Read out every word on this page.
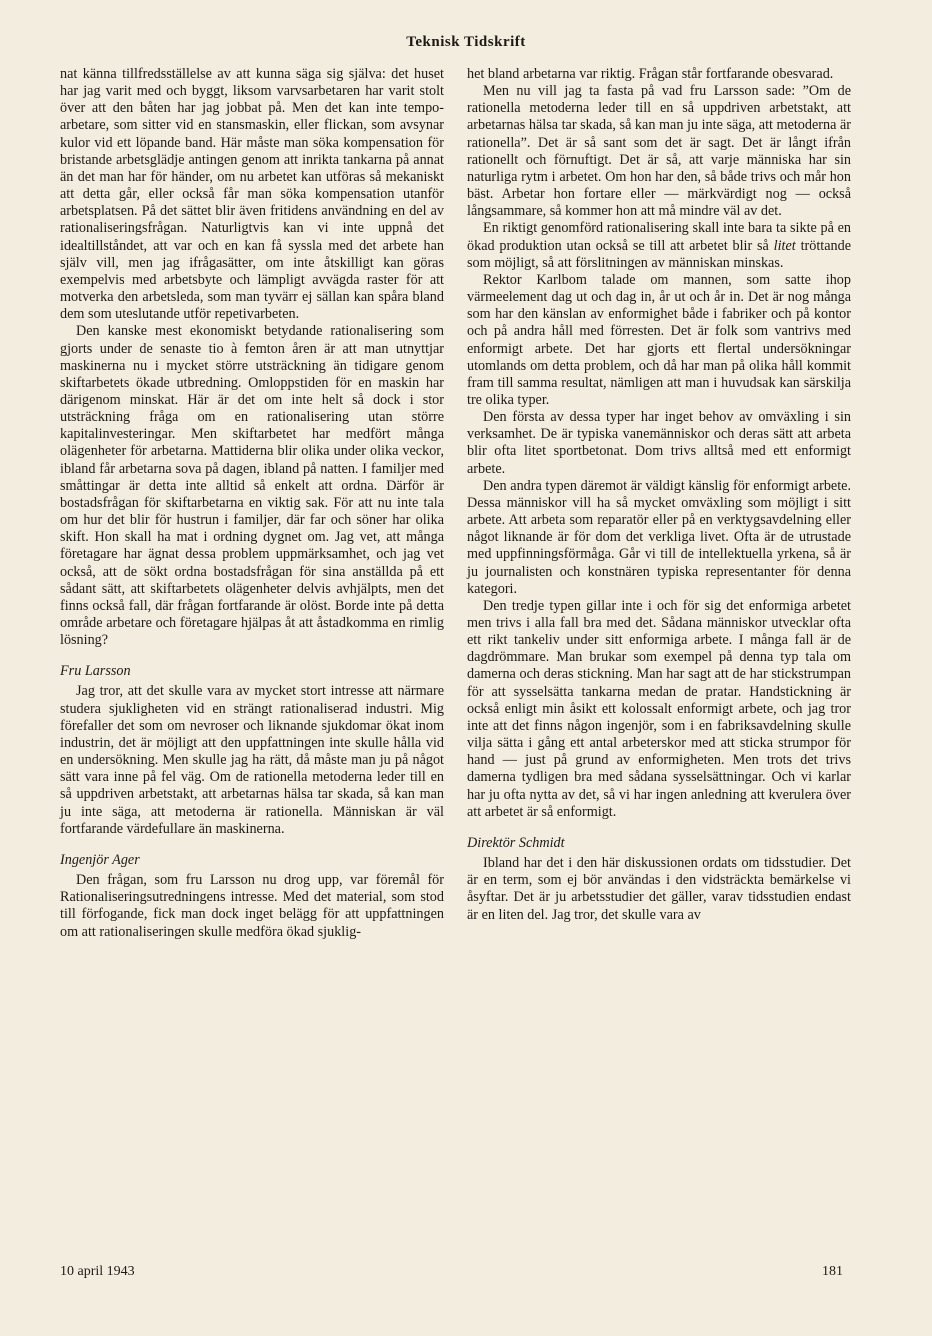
Teknisk Tidskrift

nat känna tillfredsställelse av att kunna säga sig själva: det huset har jag varit med och byggt, liksom varvsarbetaren har varit stolt över att den båten har jag jobbat på. Men det kan inte tempo-arbetare, som sitter vid en stansmaskin, eller flickan, som avsynar kulor vid ett löpande band. Här måste man söka kompensation för bristande arbetsglädje antingen genom att inrikta tankarna på annat än det man har för händer, om nu arbetet kan utföras så mekaniskt att detta går, eller också får man söka kompensation utanför arbetsplatsen. På det sättet blir även fritidens användning en del av rationaliseringsfrågan. Naturligtvis kan vi inte uppnå det idealtillståndet, att var och en kan få syssla med det arbete han själv vill, men jag ifrågasätter, om inte åtskilligt kan göras exempelvis med arbetsbyte och lämpligt avvägda raster för att motverka den arbetsleda, som man tyvärr ej sällan kan spåra bland dem som uteslutande utför repetivarbeten.

Den kanske mest ekonomiskt betydande rationalisering som gjorts under de senaste tio à femton åren är att man utnyttjar maskinerna nu i mycket större utsträckning än tidigare genom skiftarbetets ökade utbredning. Omloppstiden för en maskin har därigenom minskat. Här är det om inte helt så dock i stor utsträckning fråga om en rationalisering utan större kapitalinvesteringar. Men skiftarbetet har medfört många olägenheter för arbetarna. Mattiderna blir olika under olika veckor, ibland får arbetarna sova på dagen, ibland på natten. I familjer med småttingar är detta inte alltid så enkelt att ordna. Därför är bostadsfrågan för skiftarbetarna en viktig sak. För att nu inte tala om hur det blir för hustrun i familjer, där far och söner har olika skift. Hon skall ha mat i ordning dygnet om. Jag vet, att många företagare har ägnat dessa problem uppmärksamhet, och jag vet också, att de sökt ordna bostadsfrågan för sina anställda på ett sådant sätt, att skiftarbetets olägenheter delvis avhjälpts, men det finns också fall, där frågan fortfarande är olöst. Borde inte på detta område arbetare och företagare hjälpas åt att åstadkomma en rimlig lösning?

Fru Larsson

Jag tror, att det skulle vara av mycket stort intresse att närmare studera sjukligheten vid en strängt rationaliserad industri. Mig förefaller det som om nevroser och liknande sjukdomar ökat inom industrin, det är möjligt att den uppfattningen inte skulle hålla vid en undersökning. Men skulle jag ha rätt, då måste man ju på något sätt vara inne på fel väg. Om de rationella metoderna leder till en så uppdriven arbetstakt, att arbetarnas hälsa tar skada, så kan man ju inte säga, att metoderna är rationella. Människan är väl fortfarande värdefullare än maskinerna.

Ingenjör Ager

Den frågan, som fru Larsson nu drog upp, var föremål för Rationaliseringsutredningens intresse. Med det material, som stod till förfogande, fick man dock inget belägg för att uppfattningen om att rationaliseringen skulle medföra ökad sjuklig-

het bland arbetarna var riktig. Frågan står fortfarande obesvarad.

Men nu vill jag ta fasta på vad fru Larsson sade: ”Om de rationella metoderna leder till en så uppdriven arbetstakt, att arbetarnas hälsa tar skada, så kan man ju inte säga, att metoderna är rationella”. Det är så sant som det är sagt. Det är långt ifrån rationellt och förnuftigt. Det är så, att varje människa har sin naturliga rytm i arbetet. Om hon har den, så både trivs och mår hon bäst. Arbetar hon fortare eller — märkvärdigt nog — också långsammare, så kommer hon att må mindre väl av det.

En riktigt genomförd rationalisering skall inte bara ta sikte på en ökad produktion utan också se till att arbetet blir så litet tröttande som möjligt, så att förslitningen av människan minskas.

Rektor Karlbom talade om mannen, som satte ihop värmeelement dag ut och dag in, år ut och år in. Det är nog många som har den känslan av enformighet både i fabriker och på kontor och på andra håll med förresten. Det är folk som vantrivs med enformigt arbete. Det har gjorts ett flertal undersökningar utomlands om detta problem, och då har man på olika håll kommit fram till samma resultat, nämligen att man i huvudsak kan särskilja tre olika typer.

Den första av dessa typer har inget behov av omväxling i sin verksamhet. De är typiska vanemänniskor och deras sätt att arbeta blir ofta litet sportbetonat. Dom trivs alltså med ett enformigt arbete.

Den andra typen däremot är väldigt känslig för enformigt arbete. Dessa människor vill ha så mycket omväxling som möjligt i sitt arbete. Att arbeta som reparatör eller på en verktygsavdelning eller något liknande är för dom det verkliga livet. Ofta är de utrustade med uppfinningsförmåga. Går vi till de intellektuella yrkena, så är ju journalisten och konstnären typiska representanter för denna kategori.

Den tredje typen gillar inte i och för sig det enformiga arbetet men trivs i alla fall bra med det. Sådana människor utvecklar ofta ett rikt tankeliv under sitt enformiga arbete. I många fall är de dagdrömmare. Man brukar som exempel på denna typ tala om damerna och deras stickning. Man har sagt att de har stickstrumpan för att sysselsätta tankarna medan de pratar. Handstickning är också enligt min åsikt ett kolossalt enformigt arbete, och jag tror inte att det finns någon ingenjör, som i en fabriksavdelning skulle vilja sätta i gång ett antal arbeterskor med att sticka strumpor för hand — just på grund av enformigheten. Men trots det trivs damerna tydligen bra med sådana sysselsättningar. Och vi karlar har ju ofta nytta av det, så vi har ingen anledning att kverulera över att arbetet är så enformigt.

Direktör Schmidt

Ibland har det i den här diskussionen ordats om tidsstudier. Det är en term, som ej bör användas i den vidsträckta bemärkelse vi åsyftar. Det är ju arbetsstudier det gäller, varav tidsstudien endast är en liten del. Jag tror, det skulle vara av

10 april 1943	181
